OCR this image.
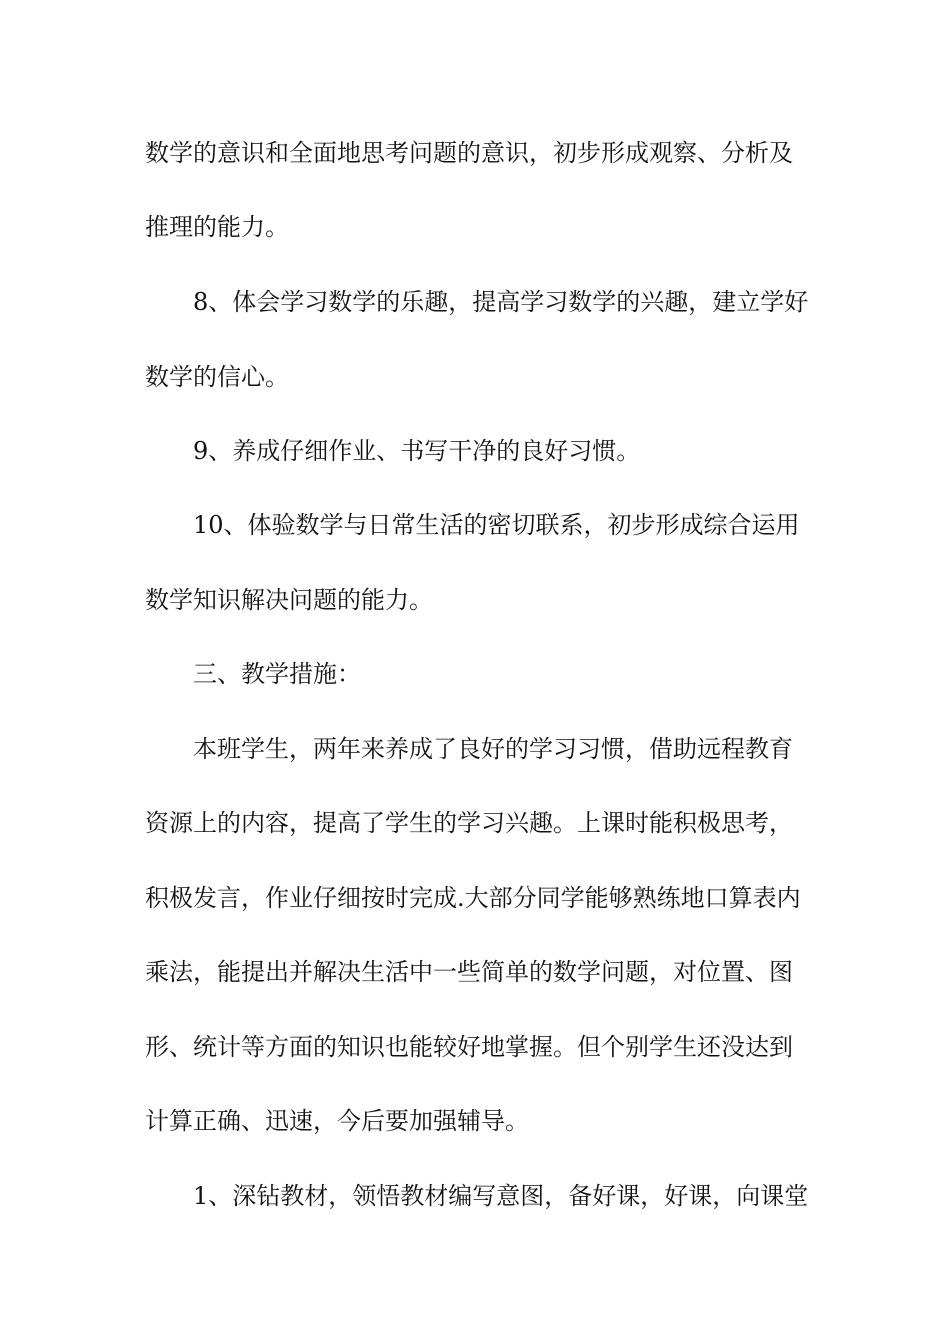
数学的意识和全面地思考问题的意识，初步形成观察、分析及
推理的能力。
8、体会学习数学的乐趣，提高学习数学的兴趣，建立学好
数学的信心。
9、养成仔细作业、书写干净的良好习惯。
10、体验数学与日常生活的密切联系，初步形成综合运用
数学知识解决问题的能力。
三、教学措施：
本班学生，两年来养成了良好的学习习惯，借助远程教育
资源上的内容，提高了学生的学习兴趣。上课时能积极思考，
积极发言，作业仔细按时完成.大部分同学能够熟练地口算表内
乘法，能提出并解决生活中一些简单的数学问题，对位置、图
形、统计等方面的知识也能较好地掌握。但个别学生还没达到
计算正确、迅速，今后要加强辅导。
1、深钻教材，领悟教材编写意图，备好课，好课，向课堂
